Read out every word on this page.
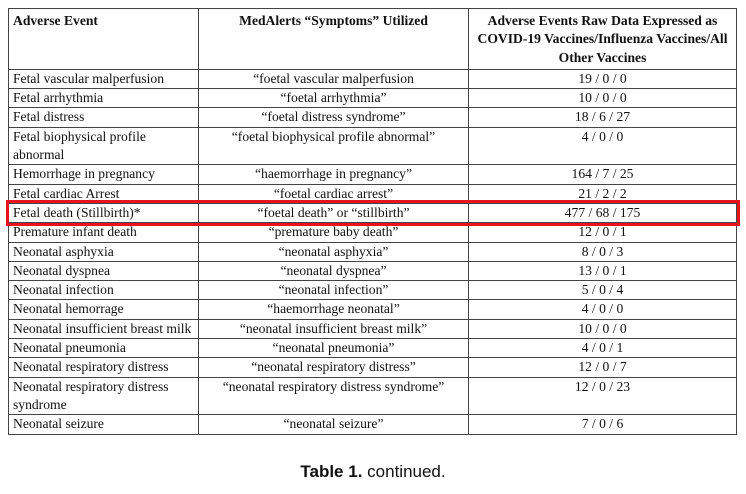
Adverse Event	MedAlerts “Symptoms” Utilized	Adverse Events Raw Data Expressed as COVID-19 Vaccines/Influenza Vaccines/All Other Vaccines
Fetal vascular malperfusion	“foetal vascular malperfusion	19 / 0 / 0
Fetal arrhythmia	“foetal arrhythmia”	10 / 0 / 0
Fetal distress	“foetal distress syndrome”	18 / 6 / 27
Fetal biophysical profile abnormal	“foetal biophysical profile abnormal”	4 / 0 / 0
Hemorrhage in pregnancy	“haemorrhage in pregnancy”	164 / 7 / 25
Fetal cardiac Arrest	“foetal cardiac arrest”	21 / 2 / 2
Fetal death (Stillbirth)*	“foetal death” or “stillbirth”	477 / 68 / 175
Premature infant death	“premature baby death”	12 / 0 / 1
Neonatal asphyxia	“neonatal asphyxia”	8 / 0 / 3
Neonatal dyspnea	“neonatal dyspnea”	13 / 0 / 1
Neonatal infection	“neonatal infection”	5 / 0 / 4
Neonatal hemorrage	“haemorrhage neonatal”	4 / 0 / 0
Neonatal insufficient breast milk	“neonatal insufficient breast milk”	10 / 0 / 0
Neonatal pneumonia	“neonatal pneumonia”	4 / 0 / 1
Neonatal respiratory distress	“neonatal respiratory distress”	12 / 0 / 7
Neonatal respiratory distress syndrome	“neonatal respiratory distress syndrome”	12 / 0 / 23
Neonatal seizure	“neonatal seizure”	7 / 0 / 6
Table 1. continued.
